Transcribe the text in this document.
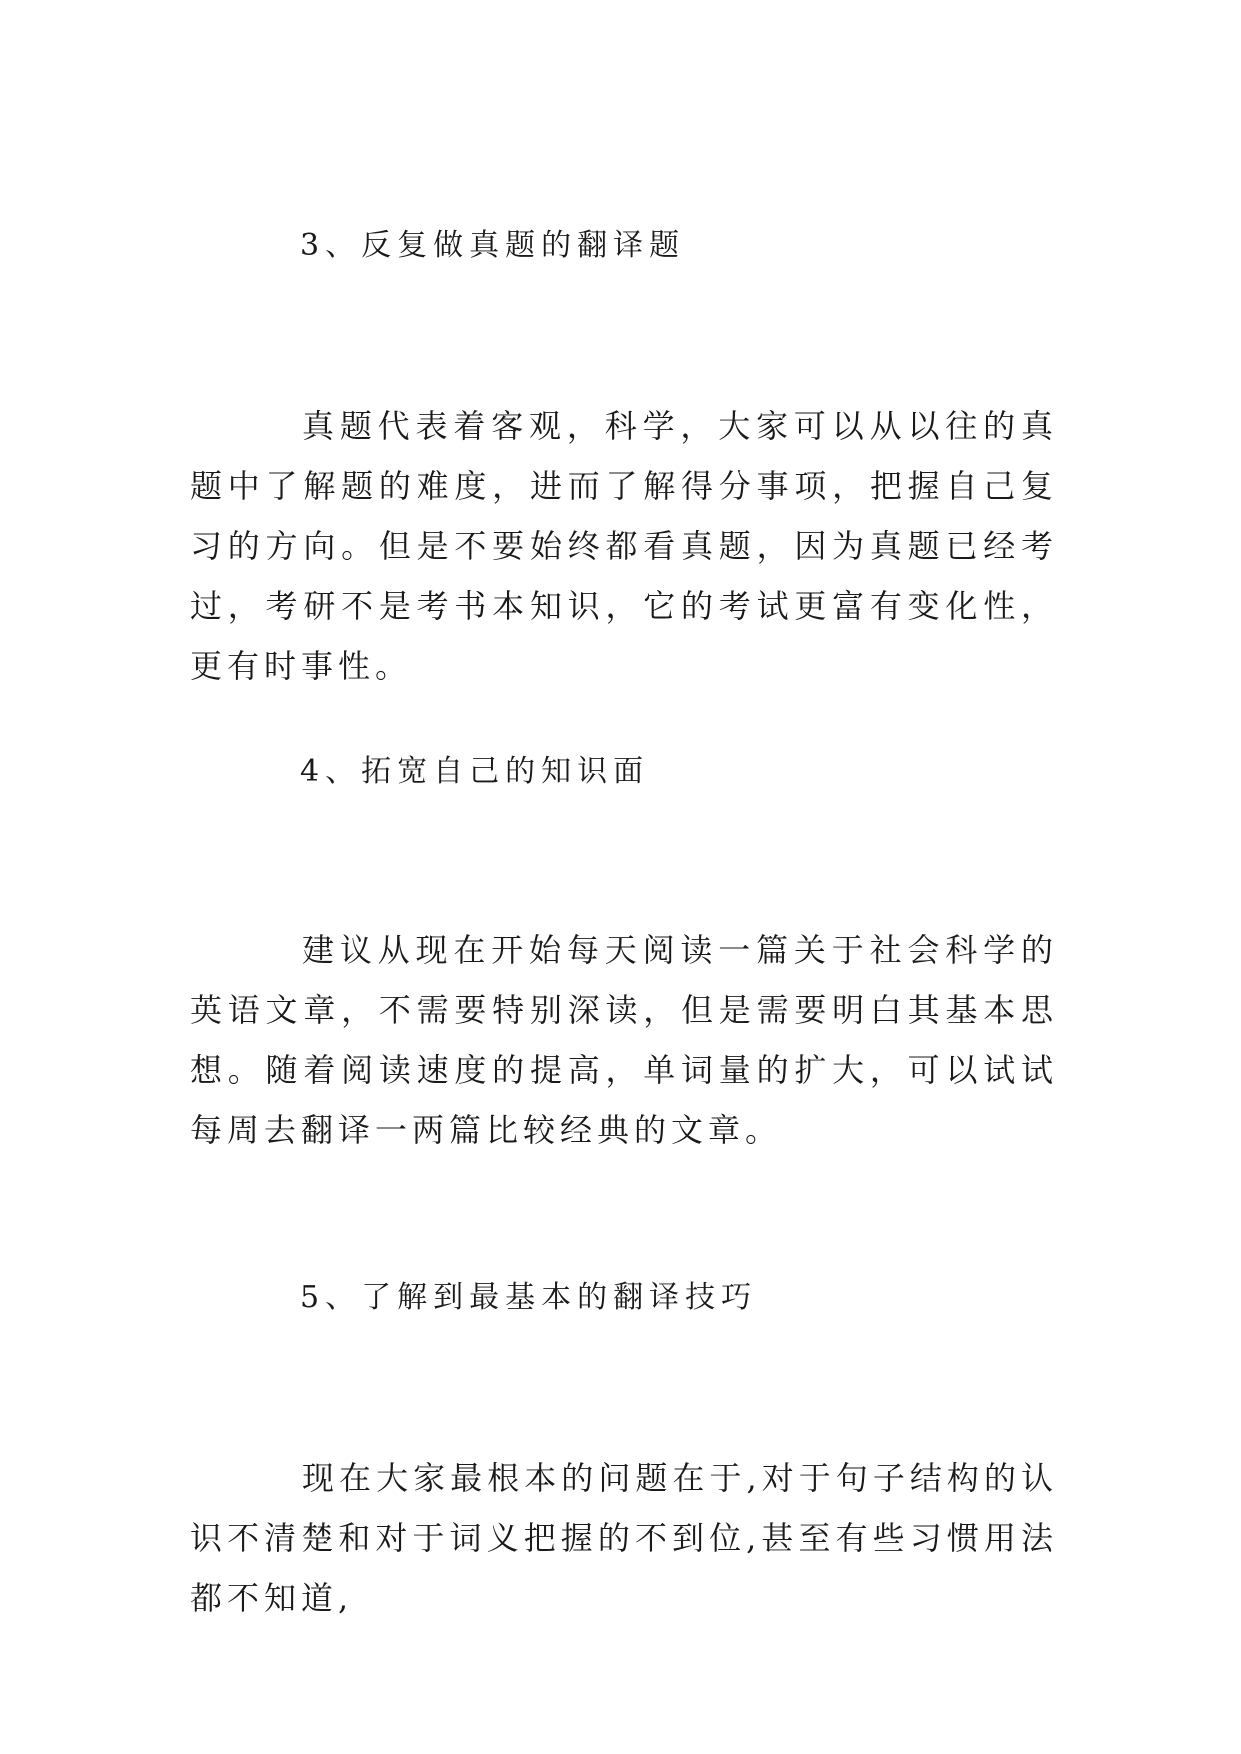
3、反复做真题的翻译题
真题代表着客观，科学，大家可以从以往的真题中了解题的难度，进而了解得分事项，把握自己复习的方向。但是不要始终都看真题，因为真题已经考过，考研不是考书本知识，它的考试更富有变化性，更有时事性。
4、拓宽自己的知识面
建议从现在开始每天阅读一篇关于社会科学的英语文章，不需要特别深读，但是需要明白其基本思想。随着阅读速度的提高，单词量的扩大，可以试试每周去翻译一两篇比较经典的文章。
5、了解到最基本的翻译技巧
现在大家最根本的问题在于,对于句子结构的认识不清楚和对于词义把握的不到位,甚至有些习惯用法都不知道,
